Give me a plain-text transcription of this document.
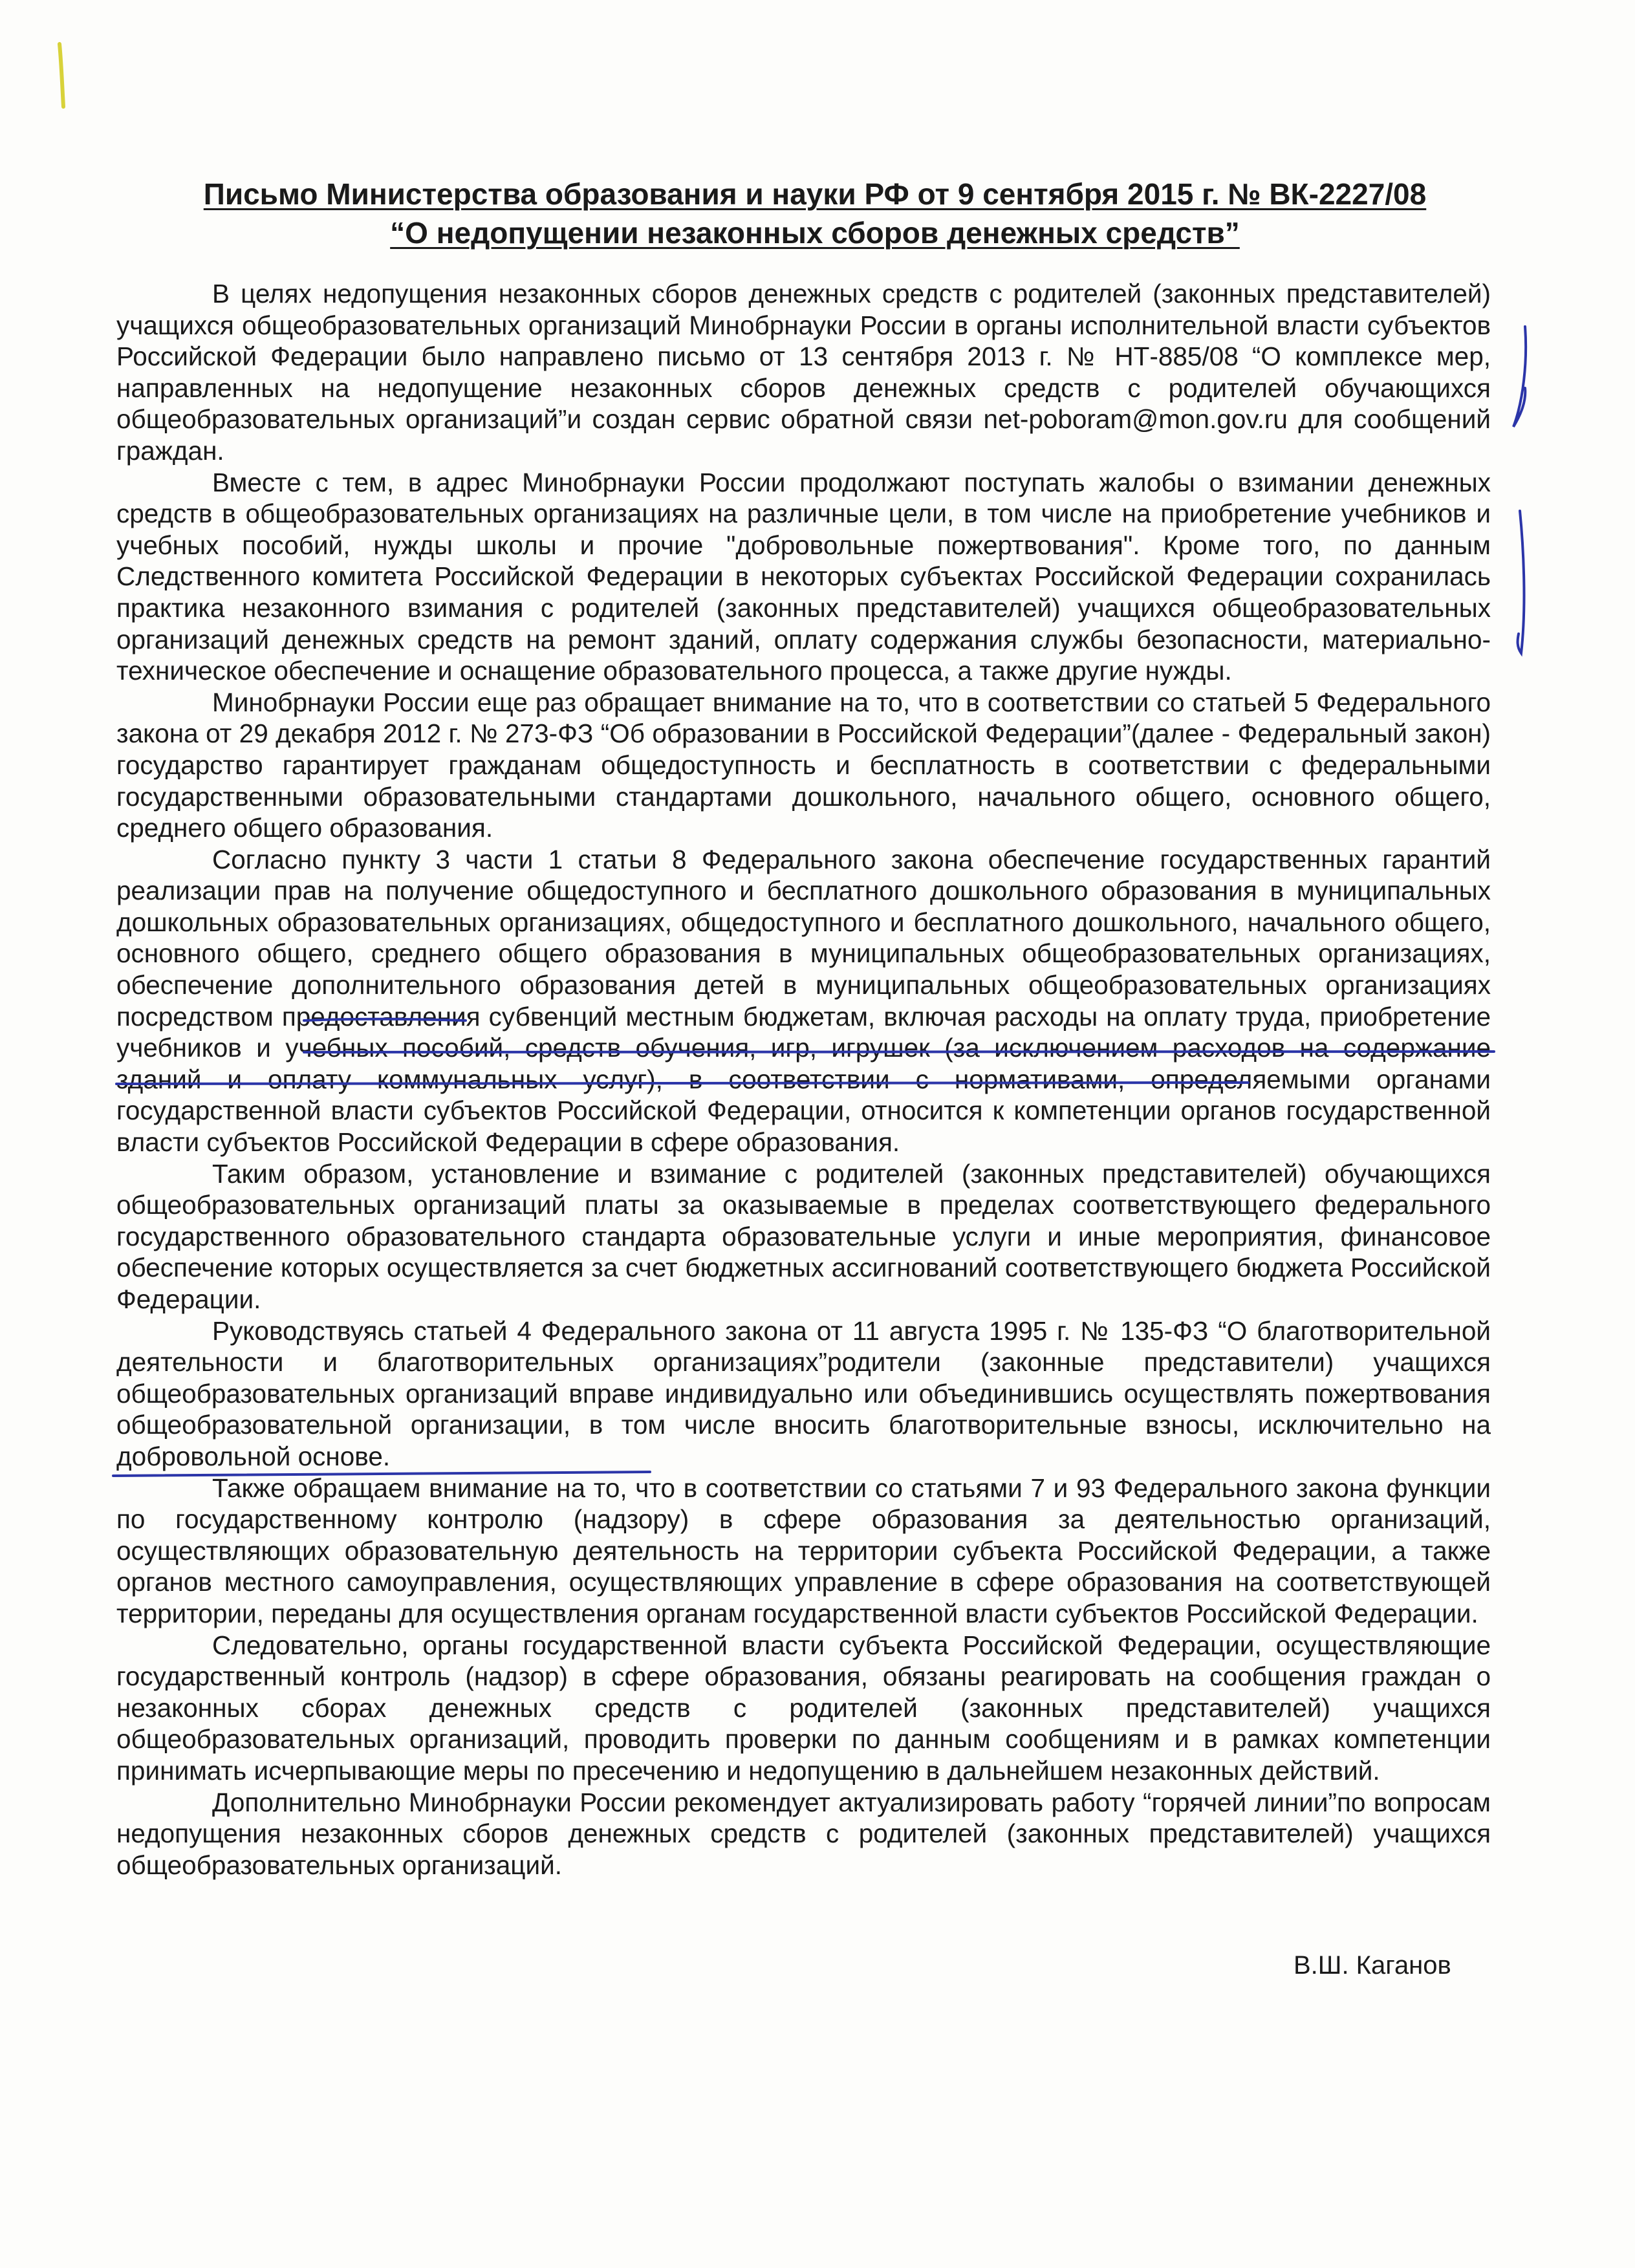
Письмо Министерства образования и науки РФ от 9 сентября 2015 г. № ВК-2227/08
“О недопущении незаконных сборов денежных средств”

В целях недопущения незаконных сборов денежных средств с родителей (законных представителей) учащихся общеобразовательных организаций Минобрнауки России в органы исполнительной власти субъектов Российской Федерации было направлено письмо от 13 сентября 2013 г. № НТ-885/08 “О комплексе мер, направленных на недопущение незаконных сборов денежных средств с родителей обучающихся общеобразовательных организаций”и создан сервис обратной связи net-poboram@mon.gov.ru для сообщений граждан.

Вместе с тем, в адрес Минобрнауки России продолжают поступать жалобы о взимании денежных средств в общеобразовательных организациях на различные цели, в том числе на приобретение учебников и учебных пособий, нужды школы и прочие "добровольные пожертвования". Кроме того, по данным Следственного комитета Российской Федерации в некоторых субъектах Российской Федерации сохранилась практика незаконного взимания с родителей (законных представителей) учащихся общеобразовательных организаций денежных средств на ремонт зданий, оплату содержания службы безопасности, материально-техническое обеспечение и оснащение образовательного процесса, а также другие нужды.

Минобрнауки России еще раз обращает внимание на то, что в соответствии со статьей 5 Федерального закона от 29 декабря 2012 г. № 273-ФЗ “Об образовании в Российской Федерации”(далее - Федеральный закон) государство гарантирует гражданам общедоступность и бесплатность в соответствии с федеральными государственными образовательными стандартами дошкольного, начального общего, основного общего, среднего общего образования.

Согласно пункту 3 части 1 статьи 8 Федерального закона обеспечение государственных гарантий реализации прав на получение общедоступного и бесплатного дошкольного образования в муниципальных дошкольных образовательных организациях, общедоступного и бесплатного дошкольного, начального общего, основного общего, среднего общего образования в муниципальных общеобразовательных организациях, обеспечение дополнительного образования детей в муниципальных общеобразовательных организациях посредством предоставления субвенций местным бюджетам, включая расходы на оплату труда, приобретение учебников и учебных пособий, средств обучения, игр, игрушек (за исключением расходов на содержание зданий и оплату коммунальных услуг), в соответствии с нормативами, определяемыми органами государственной власти субъектов Российской Федерации, относится к компетенции органов государственной власти субъектов Российской Федерации в сфере образования.

Таким образом, установление и взимание с родителей (законных представителей) обучающихся общеобразовательных организаций платы за оказываемые в пределах соответствующего федерального государственного образовательного стандарта образовательные услуги и иные мероприятия, финансовое обеспечение которых осуществляется за счет бюджетных ассигнований соответствующего бюджета Российской Федерации.

Руководствуясь статьей 4 Федерального закона от 11 августа 1995 г. № 135-ФЗ “О благотворительной деятельности и благотворительных организациях”родители (законные представители) учащихся общеобразовательных организаций вправе индивидуально или объединившись осуществлять пожертвования общеобразовательной организации, в том числе вносить благотворительные взносы, исключительно на добровольной основе.

Также обращаем внимание на то, что в соответствии со статьями 7 и 93 Федерального закона функции по государственному контролю (надзору) в сфере образования за деятельностью организаций, осуществляющих образовательную деятельность на территории субъекта Российской Федерации, а также органов местного самоуправления, осуществляющих управление в сфере образования на соответствующей территории, переданы для осуществления органам государственной власти субъектов Российской Федерации.

Следовательно, органы государственной власти субъекта Российской Федерации, осуществляющие государственный контроль (надзор) в сфере образования, обязаны реагировать на сообщения граждан о незаконных сборах денежных средств с родителей (законных представителей) учащихся общеобразовательных организаций, проводить проверки по данным сообщениям и в рамках компетенции принимать исчерпывающие меры по пресечению и недопущению в дальнейшем незаконных действий.

Дополнительно Минобрнауки России рекомендует актуализировать работу “горячей линии”по вопросам недопущения незаконных сборов денежных средств с родителей (законных представителей) учащихся общеобразовательных организаций.

В.Ш. Каганов
